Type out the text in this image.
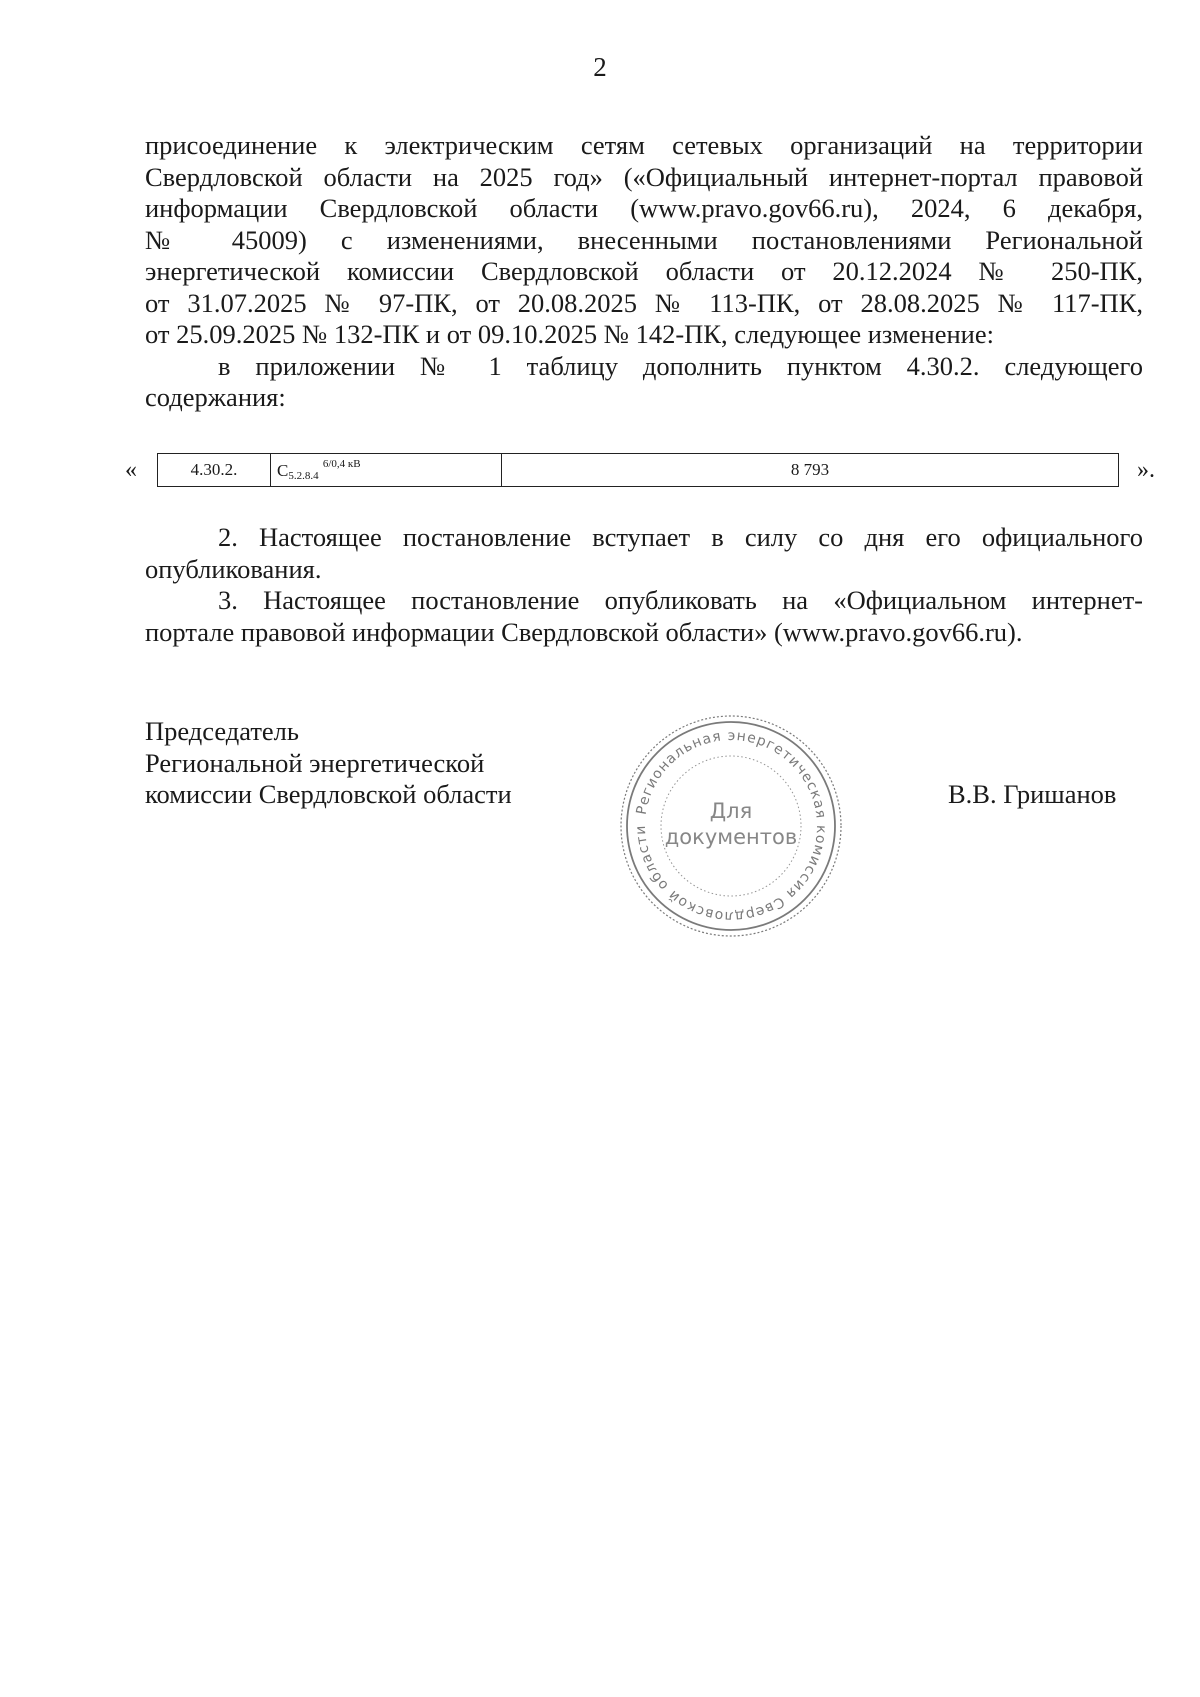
2

присоединение к электрическим сетям сетевых организаций на территории

Свердловской области на 2025 год» («Официальный интернет-портал правовой

информации Свердловской области (www.pravo.gov66.ru), 2024, 6 декабря,

№ 45009) с изменениями, внесенными постановлениями Региональной

энергетической комиссии Свердловской области от 20.12.2024 № 250-ПК,

от 31.07.2025 № 97-ПК, от 20.08.2025 № 113-ПК, от 28.08.2025 № 117-ПК,

от 25.09.2025 № 132-ПК и от 09.10.2025 № 142-ПК, следующее изменение:

в приложении № 1 таблицу дополнить пунктом 4.30.2. следующего

содержания:

«	4.30.2.	$C_{5.2.8.4}$ $^{6/0,4 кВ}$	8 793	».

2. Настоящее постановление вступает в силу со дня его официального

опубликования.

3. Настоящее постановление опубликовать на «Официальном интернет-

портале правовой информации Свердловской области» (www.pravo.gov66.ru).

Председатель
Региональной энергетической
комиссии Свердловской области
Региональная энергетическая комиссия Свердловской области
Для
документов
В.В. Гришанов
